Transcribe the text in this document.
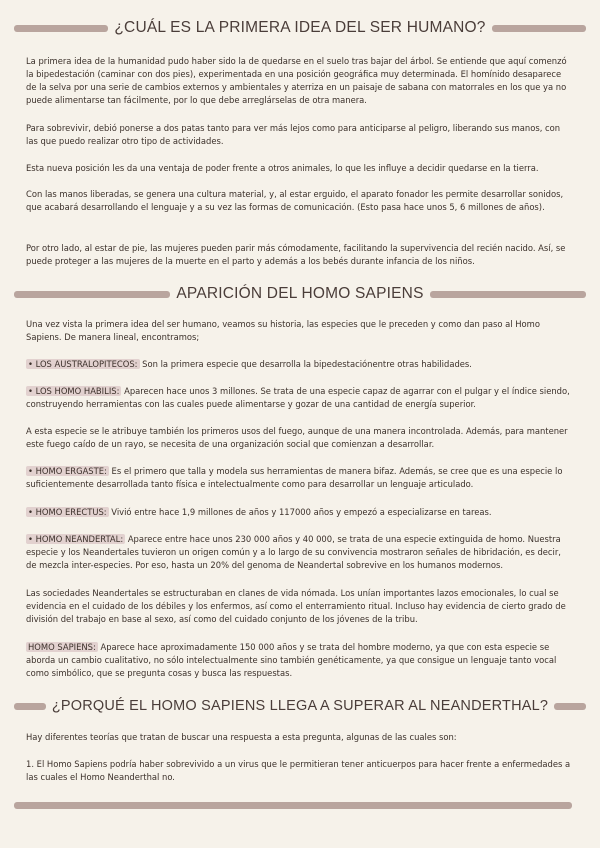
¿CUÁL ES LA PRIMERA IDEA DEL SER HUMANO?

La primera idea de la humanidad pudo haber sido la de quedarse en el suelo tras bajar del árbol. Se entiende que aquí comenzó la bipedestación (caminar con dos pies), experimentada en una posición geográfica muy determinada. El homínido desaparece de la selva por una serie de cambios externos y ambientales y aterriza en un paisaje de sabana con matorrales en los que ya no puede alimentarse tan fácilmente, por lo que debe arreglárselas de otra manera.

Para sobrevivir, debió ponerse a dos patas tanto para ver más lejos como para anticiparse al peligro, liberando sus manos, con las que puedo realizar otro tipo de actividades.

Esta nueva posición les da una ventaja de poder frente a otros animales, lo que les influye a decidir quedarse en la tierra.

Con las manos liberadas, se genera una cultura material, y, al estar erguido, el aparato fonador les permite desarrollar sonidos, que acabará desarrollando el lenguaje y a su vez las formas de comunicación. (Esto pasa hace unos 5, 6 millones de años).

Por otro lado, al estar de pie, las mujeres pueden parir más cómodamente, facilitando la supervivencia del recién nacido. Así, se puede proteger a las mujeres de la muerte en el parto y además a los bebés durante infancia de los niños.

APARICIÓN DEL HOMO SAPIENS

Una vez vista la primera idea del ser humano, veamos su historia, las especies que le preceden y como dan paso al Homo Sapiens. De manera lineal, encontramos;

• LOS AUSTRALOPITECOS: Son la primera especie que desarrolla la bipedestaciónentre otras habilidades.

• LOS HOMO HABILIS: Aparecen hace unos 3 millones. Se trata de una especie capaz de agarrar con el pulgar y el índice siendo, construyendo herramientas con las cuales puede alimentarse y gozar de una cantidad de energía superior.

A esta especie se le atribuye también los primeros usos del fuego, aunque de una manera incontrolada. Además, para mantener este fuego caído de un rayo, se necesita de una organización social que comienzan a desarrollar.

• HOMO ERGASTE: Es el primero que talla y modela sus herramientas de manera bifaz. Además, se cree que es una especie lo suficientemente desarrollada tanto física e intelectualmente como para desarrollar un lenguaje articulado.

• HOMO ERECTUS: Vivió entre hace 1,9 millones de años y 117000 años y empezó a especializarse en tareas.

• HOMO NEANDERTAL: Aparece entre hace unos 230 000 años y 40 000, se trata de una especie extinguida de homo. Nuestra especie y los Neandertales tuvieron un origen común y a lo largo de su convivencia mostraron señales de hibridación, es decir, de mezcla inter-especies. Por eso, hasta un 20% del genoma de Neandertal sobrevive en los humanos modernos.

Las sociedades Neandertales se estructuraban en clanes de vida nómada. Los unían importantes lazos emocionales, lo cual se evidencia en el cuidado de los débiles y los enfermos, así como el enterramiento ritual. Incluso hay evidencia de cierto grado de división del trabajo en base al sexo, así como del cuidado conjunto de los jóvenes de la tribu.

HOMO SAPIENS: Aparece hace aproximadamente 150 000 años y se trata del hombre moderno, ya que con esta especie se aborda un cambio cualitativo, no sólo intelectualmente sino también genéticamente, ya que consigue un lenguaje tanto vocal como simbólico, que se pregunta cosas y busca las respuestas.

¿PORQUÉ EL HOMO SAPIENS LLEGA A SUPERAR AL NEANDERTHAL?

Hay diferentes teorías que tratan de buscar una respuesta a esta pregunta, algunas de las cuales son:

1. El Homo Sapiens podría haber sobrevivido a un virus que le permitieran tener anticuerpos para hacer frente a enfermedades a las cuales el Homo Neanderthal no.
